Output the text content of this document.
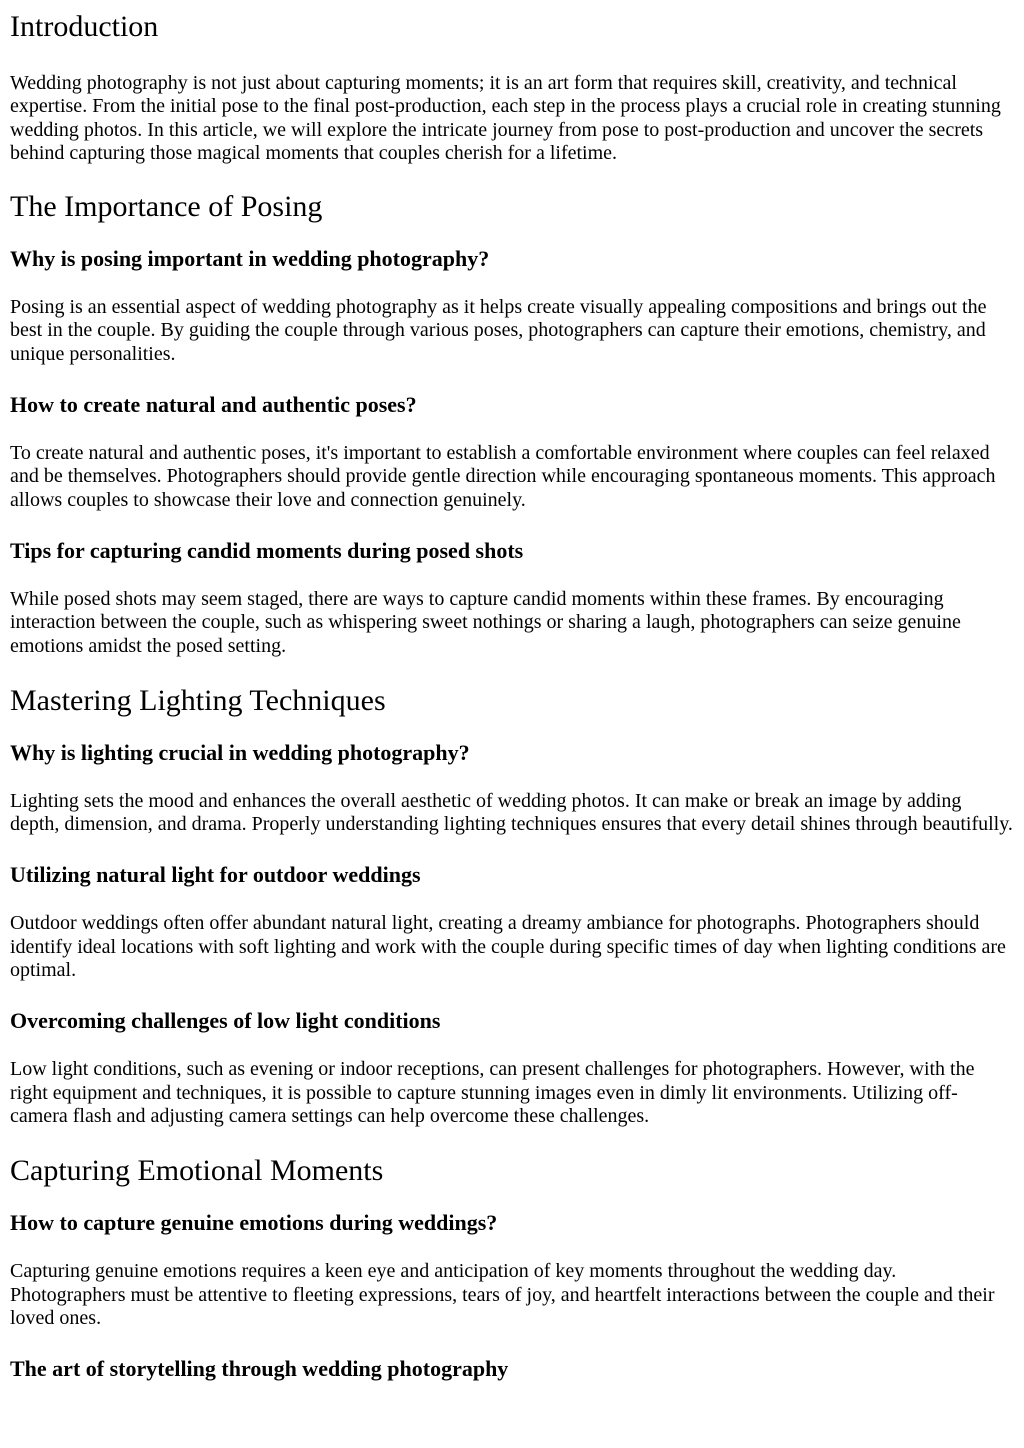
Introduction

Wedding photography is not just about capturing moments; it is an art form that requires skill, creativity, and technical expertise. From the initial pose to the final post-production, each step in the process plays a crucial role in creating stunning wedding photos. In this article, we will explore the intricate journey from pose to post-production and uncover the secrets behind capturing those magical moments that couples cherish for a lifetime.

The Importance of Posing
Why is posing important in wedding photography?

Posing is an essential aspect of wedding photography as it helps create visually appealing compositions and brings out the best in the couple. By guiding the couple through various poses, photographers can capture their emotions, chemistry, and unique personalities.

How to create natural and authentic poses?

To create natural and authentic poses, it's important to establish a comfortable environment where couples can feel relaxed and be themselves. Photographers should provide gentle direction while encouraging spontaneous moments. This approach allows couples to showcase their love and connection genuinely.

Tips for capturing candid moments during posed shots

While posed shots may seem staged, there are ways to capture candid moments within these frames. By encouraging interaction between the couple, such as whispering sweet nothings or sharing a laugh, photographers can seize genuine emotions amidst the posed setting.

Mastering Lighting Techniques
Why is lighting crucial in wedding photography?

Lighting sets the mood and enhances the overall aesthetic of wedding photos. It can make or break an image by adding depth, dimension, and drama. Properly understanding lighting techniques ensures that every detail shines through beautifully.

Utilizing natural light for outdoor weddings

Outdoor weddings often offer abundant natural light, creating a dreamy ambiance for photographs. Photographers should identify ideal locations with soft lighting and work with the couple during specific times of day when lighting conditions are optimal.

Overcoming challenges of low light conditions

Low light conditions, such as evening or indoor receptions, can present challenges for photographers. However, with the right equipment and techniques, it is possible to capture stunning images even in dimly lit environments. Utilizing off-camera flash and adjusting camera settings can help overcome these challenges.

Capturing Emotional Moments
How to capture genuine emotions during weddings?

Capturing genuine emotions requires a keen eye and anticipation of key moments throughout the wedding day. Photographers must be attentive to fleeting expressions, tears of joy, and heartfelt interactions between the couple and their loved ones.

The art of storytelling through wedding photography
